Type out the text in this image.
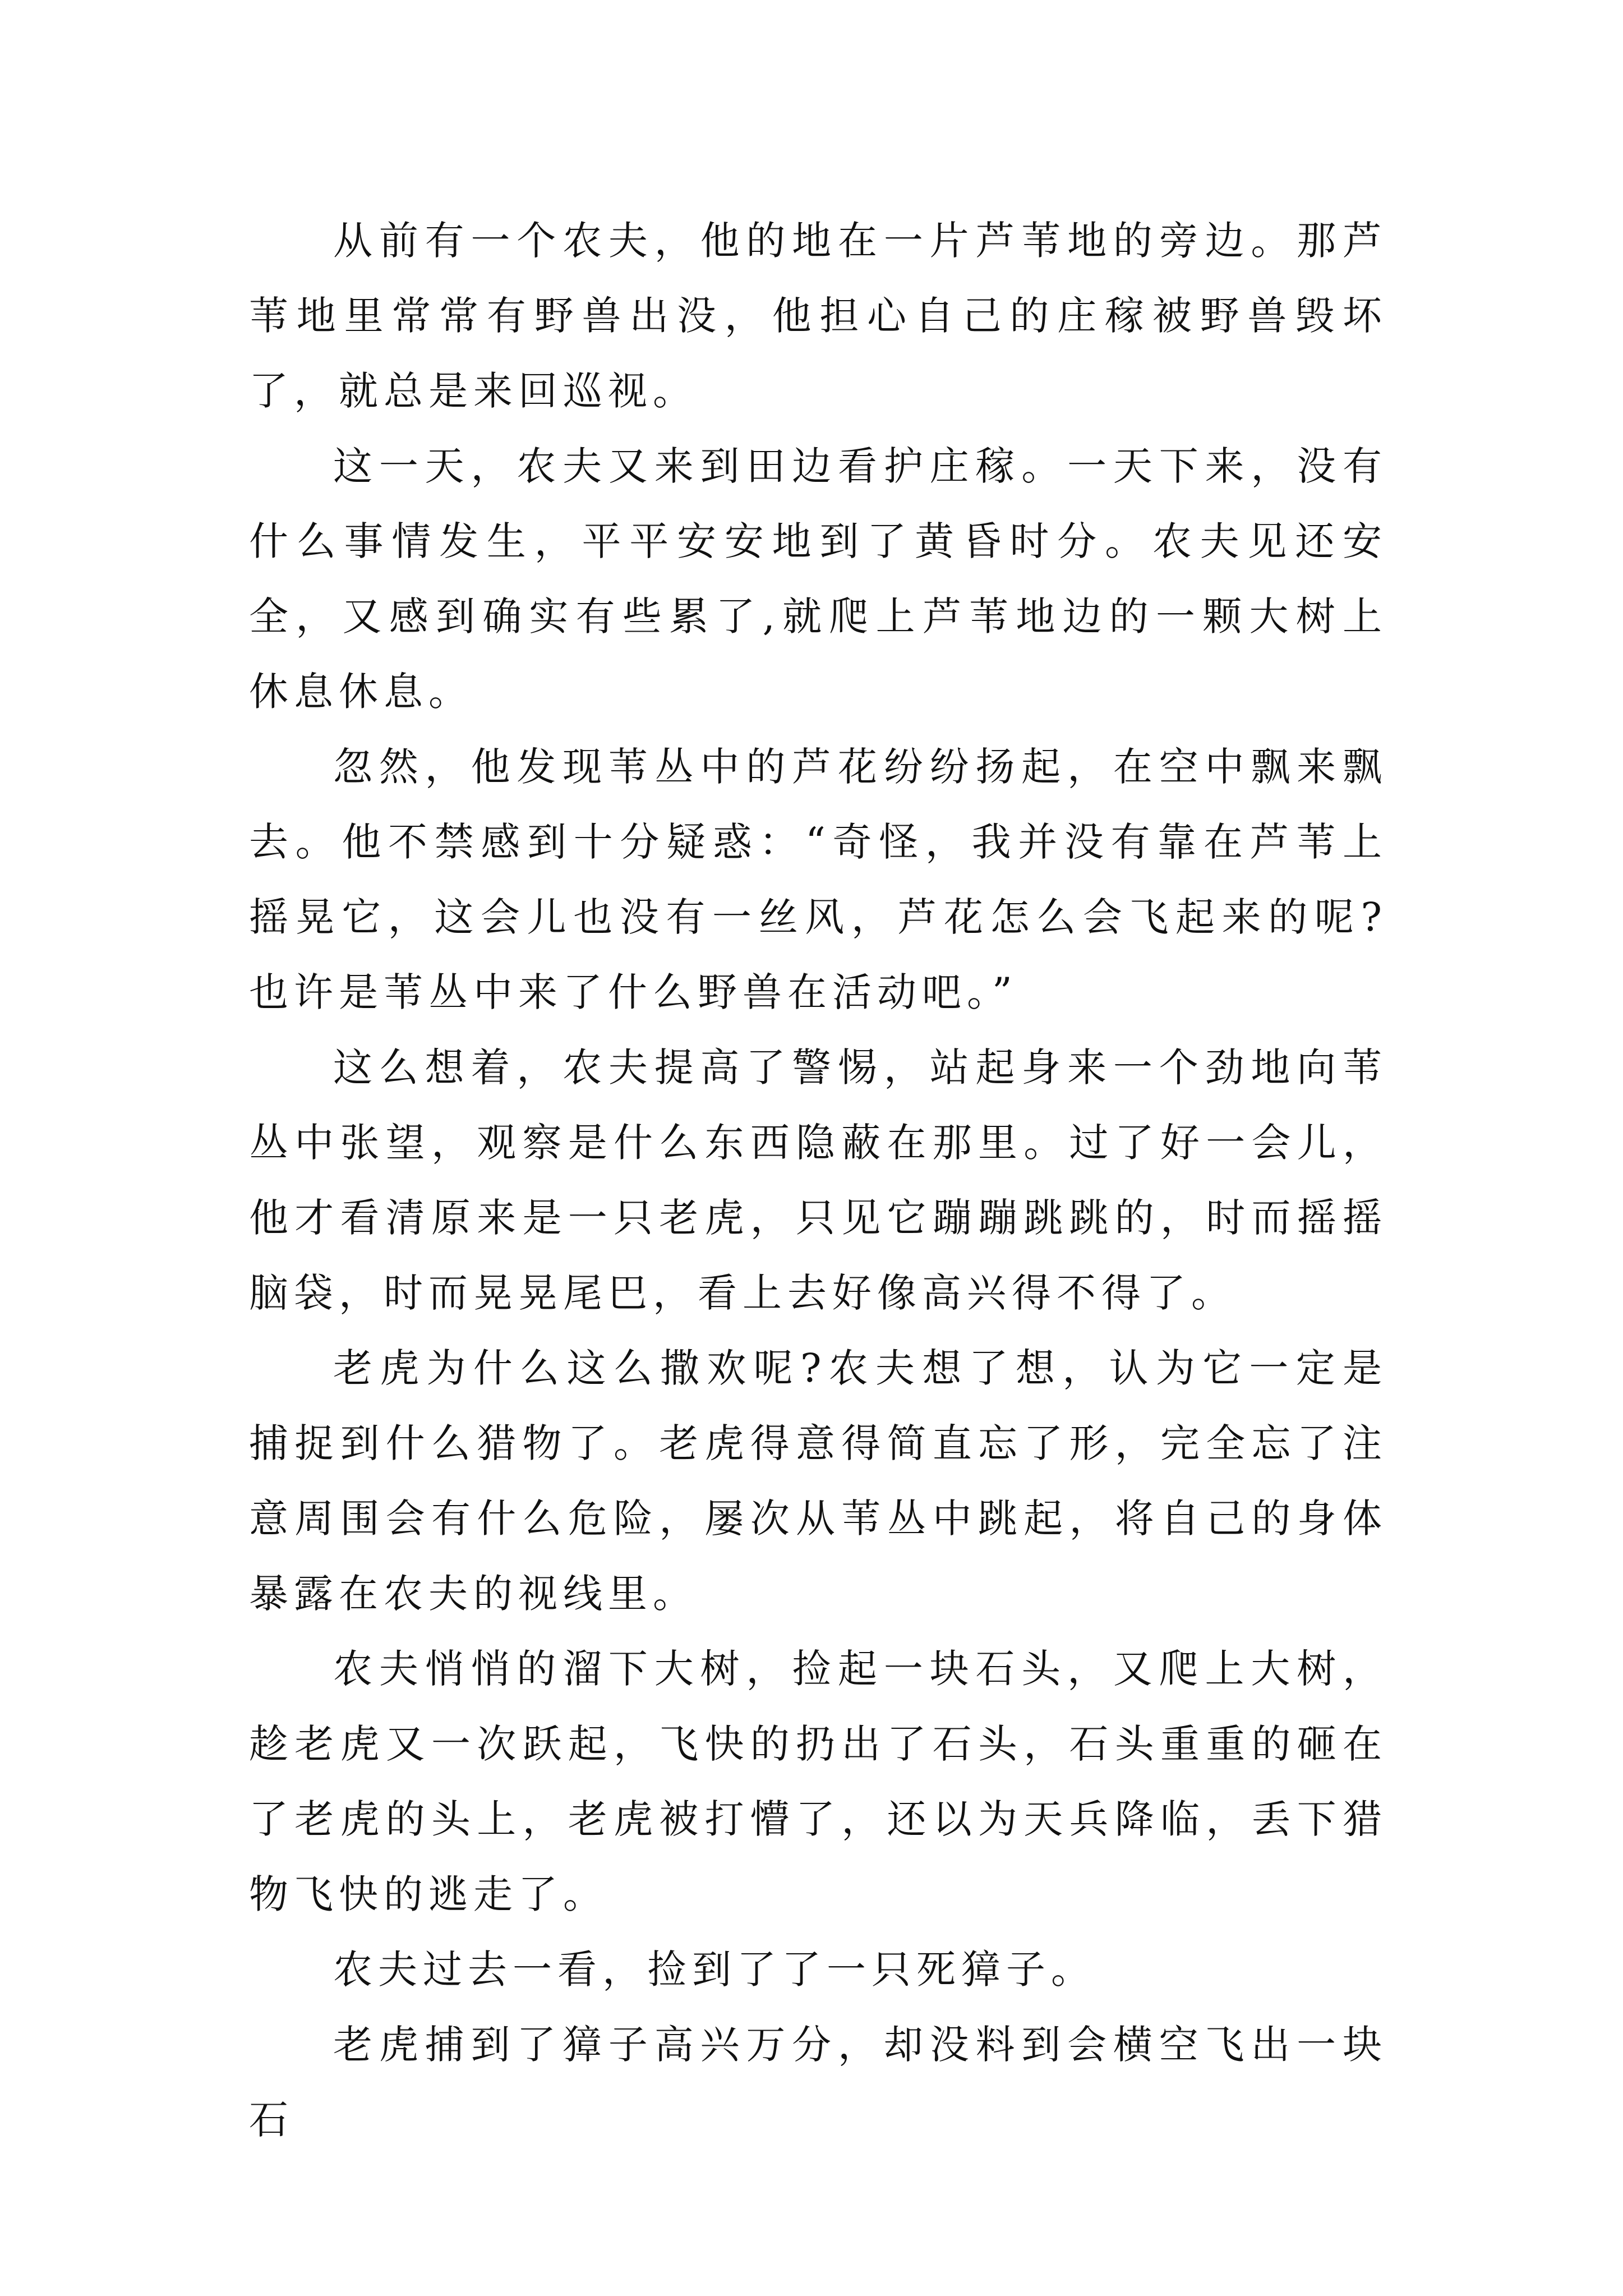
从前有一个农夫，他的地在一片芦苇地的旁边。那芦苇地里常常有野兽出没，他担心自己的庄稼被野兽毁坏了，就总是来回巡视。

这一天，农夫又来到田边看护庄稼。一天下来，没有什么事情发生，平平安安地到了黄昏时分。农夫见还安全，又感到确实有些累了,就爬上芦苇地边的一颗大树上休息休息。

忽然，他发现苇丛中的芦花纷纷扬起，在空中飘来飘去。他不禁感到十分疑惑：“奇怪，我并没有靠在芦苇上摇晃它，这会儿也没有一丝风，芦花怎么会飞起来的呢?也许是苇丛中来了什么野兽在活动吧。”

这么想着，农夫提高了警惕，站起身来一个劲地向苇丛中张望，观察是什么东西隐蔽在那里。过了好一会儿，他才看清原来是一只老虎，只见它蹦蹦跳跳的，时而摇摇脑袋，时而晃晃尾巴，看上去好像高兴得不得了。

老虎为什么这么撒欢呢?农夫想了想，认为它一定是捕捉到什么猎物了。老虎得意得简直忘了形，完全忘了注意周围会有什么危险，屡次从苇丛中跳起，将自己的身体暴露在农夫的视线里。

农夫悄悄的溜下大树，捡起一块石头，又爬上大树，趁老虎又一次跃起，飞快的扔出了石头，石头重重的砸在了老虎的头上，老虎被打懵了，还以为天兵降临，丢下猎物飞快的逃走了。

农夫过去一看，捡到了了一只死獐子。

老虎捕到了獐子高兴万分，却没料到会横空飞出一块石
